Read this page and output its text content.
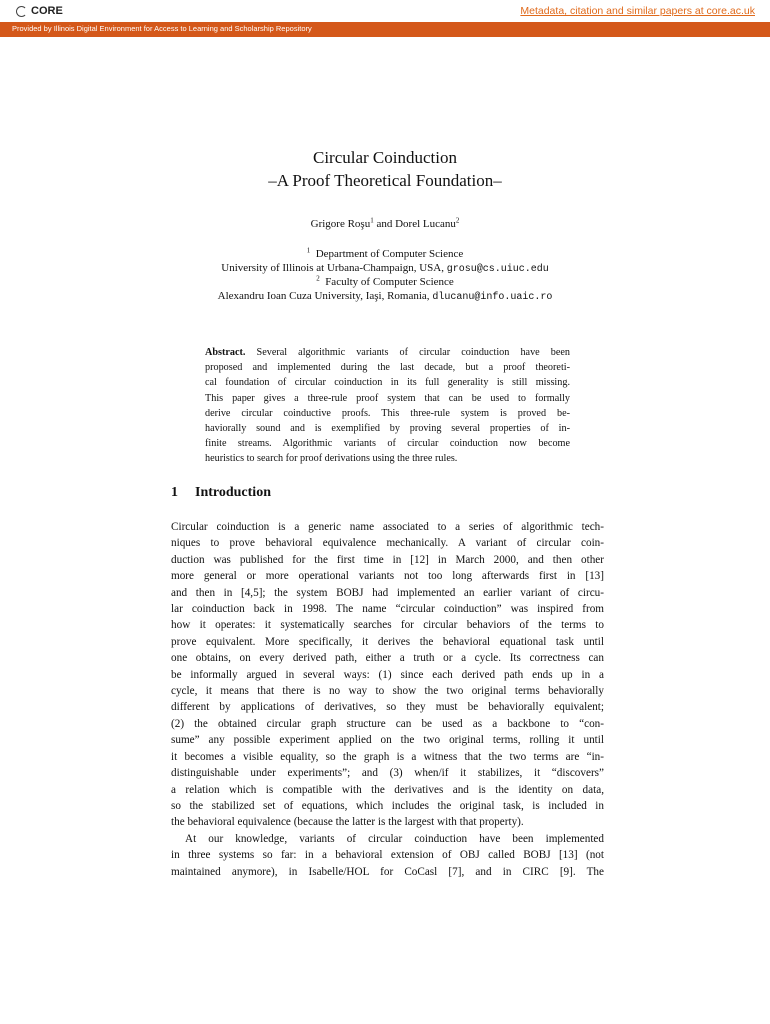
CORE	Metadata, citation and similar papers at core.ac.uk
Provided by Illinois Digital Environment for Access to Learning and Scholarship Repository
Circular Coinduction
–A Proof Theoretical Foundation–
Grigore Roşu$^1$ and Dorel Lucanu$^2$
$^1$ Department of Computer Science
University of Illinois at Urbana-Champaign, USA, grosu@cs.uiuc.edu
$^2$ Faculty of Computer Science
Alexandru Ioan Cuza University, Iaşi, Romania, dlucanu@info.uaic.ro
Abstract. Several algorithmic variants of circular coinduction have been
proposed and implemented during the last decade, but a proof theoreti-
cal foundation of circular coinduction in its full generality is still missing.
This paper gives a three-rule proof system that can be used to formally
derive circular coinductive proofs. This three-rule system is proved be-
haviorally sound and is exemplified by proving several properties of in-
finite streams. Algorithmic variants of circular coinduction now become
heuristics to search for proof derivations using the three rules.
1 Introduction
Circular coinduction is a generic name associated to a series of algorithmic tech-
niques to prove behavioral equivalence mechanically. A variant of circular coin-
duction was published for the first time in [12] in March 2000, and then other
more general or more operational variants not too long afterwards first in [13]
and then in [4,5]; the system BOBJ had implemented an earlier variant of circu-
lar coinduction back in 1998. The name “circular coinduction” was inspired from
how it operates: it systematically searches for circular behaviors of the terms to
prove equivalent. More specifically, it derives the behavioral equational task until
one obtains, on every derived path, either a truth or a cycle. Its correctness can
be informally argued in several ways: (1) since each derived path ends up in a
cycle, it means that there is no way to show the two original terms behaviorally
different by applications of derivatives, so they must be behaviorally equivalent;
(2) the obtained circular graph structure can be used as a backbone to “con-
sume” any possible experiment applied on the two original terms, rolling it until
it becomes a visible equality, so the graph is a witness that the two terms are “in-
distinguishable under experiments”; and (3) when/if it stabilizes, it “discovers”
a relation which is compatible with the derivatives and is the identity on data,
so the stabilized set of equations, which includes the original task, is included in
the behavioral equivalence (because the latter is the largest with that property).
At our knowledge, variants of circular coinduction have been implemented
in three systems so far: in a behavioral extension of OBJ called BOBJ [13] (not
maintained anymore), in Isabelle/HOL for CoCasl [7], and in CIRC [9]. The
